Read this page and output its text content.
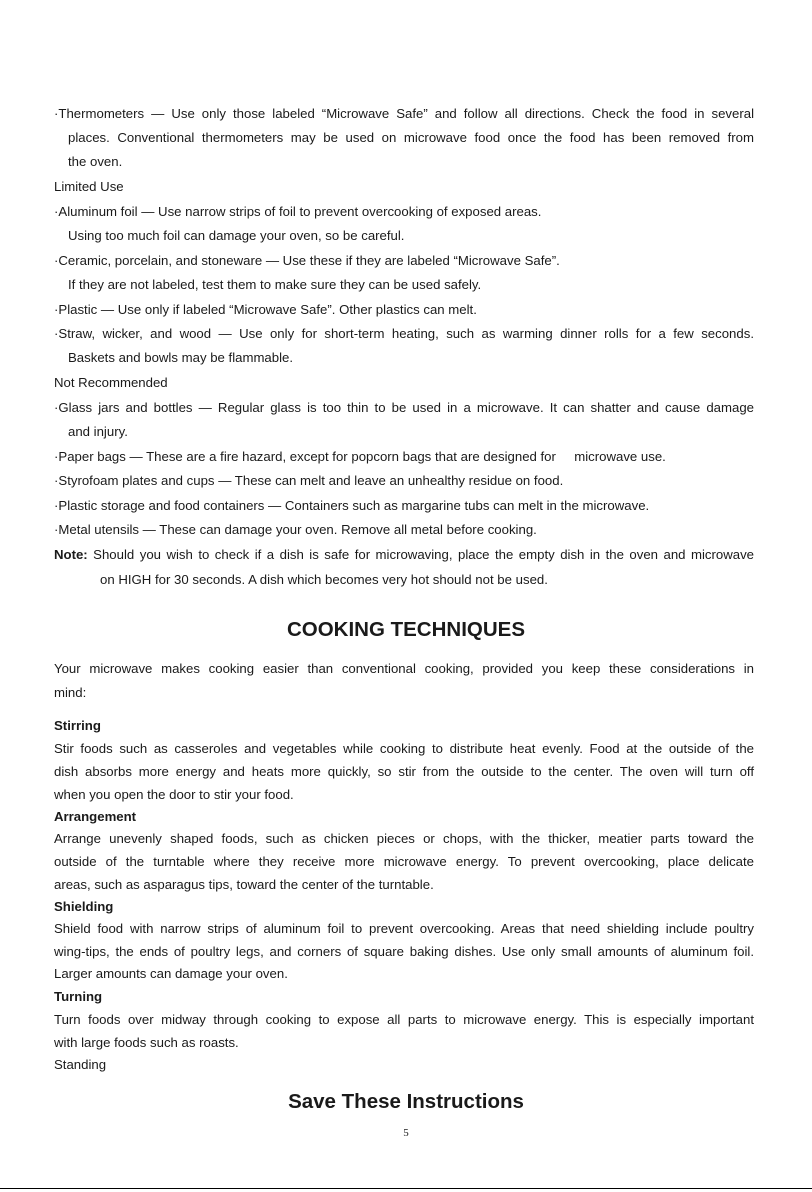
·Thermometers — Use only those labeled “Microwave Safe” and follow all directions. Check the food in several
places. Conventional thermometers may be used on microwave food once the food has been removed from
the oven.
Limited Use
·Aluminum foil — Use narrow strips of foil to prevent overcooking of exposed areas.
Using too much foil can damage your oven, so be careful.
·Ceramic, porcelain, and stoneware — Use these if they are labeled “Microwave Safe”.
If they are not labeled, test them to make sure they can be used safely.
·Plastic — Use only if labeled “Microwave Safe”. Other plastics can melt.
·Straw, wicker, and wood — Use only for short-term heating, such as warming dinner rolls for a few seconds.
Baskets and bowls may be flammable.
Not Recommended
·Glass jars and bottles — Regular glass is too thin to be used in a microwave. It can shatter and cause damage
and injury.
·Paper bags — These are a fire hazard, except for popcorn bags that are designed for     microwave use.
·Styrofoam plates and cups — These can melt and leave an unhealthy residue on food.
·Plastic storage and food containers — Containers such as margarine tubs can melt in the microwave.
·Metal utensils — These can damage your oven. Remove all metal before cooking.
Note: Should you wish to check if a dish is safe for microwaving, place the empty dish in the oven and microwave
on HIGH for 30 seconds. A dish which becomes very hot should not be used.
COOKING TECHNIQUES
Your microwave makes cooking easier than conventional cooking, provided you keep these considerations in
mind:
Stirring
Stir foods such as casseroles and vegetables while cooking to distribute heat evenly. Food at the outside of the
dish absorbs more energy and heats more quickly, so stir from the outside to the center. The oven will turn off
when you open the door to stir your food.
Arrangement
Arrange unevenly shaped foods, such as chicken pieces or chops, with the thicker, meatier parts toward the
outside of the turntable where they receive more microwave energy. To prevent overcooking, place delicate
areas, such as asparagus tips, toward the center of the turntable.
Shielding
Shield food with narrow strips of aluminum foil to prevent overcooking. Areas that need shielding include poultry
wing-tips, the ends of poultry legs, and corners of square baking dishes. Use only small amounts of aluminum foil.
Larger amounts can damage your oven.
Turning
Turn foods over midway through cooking to expose all parts to microwave energy. This is especially important
with large foods such as roasts.
Standing
Save These Instructions
5
